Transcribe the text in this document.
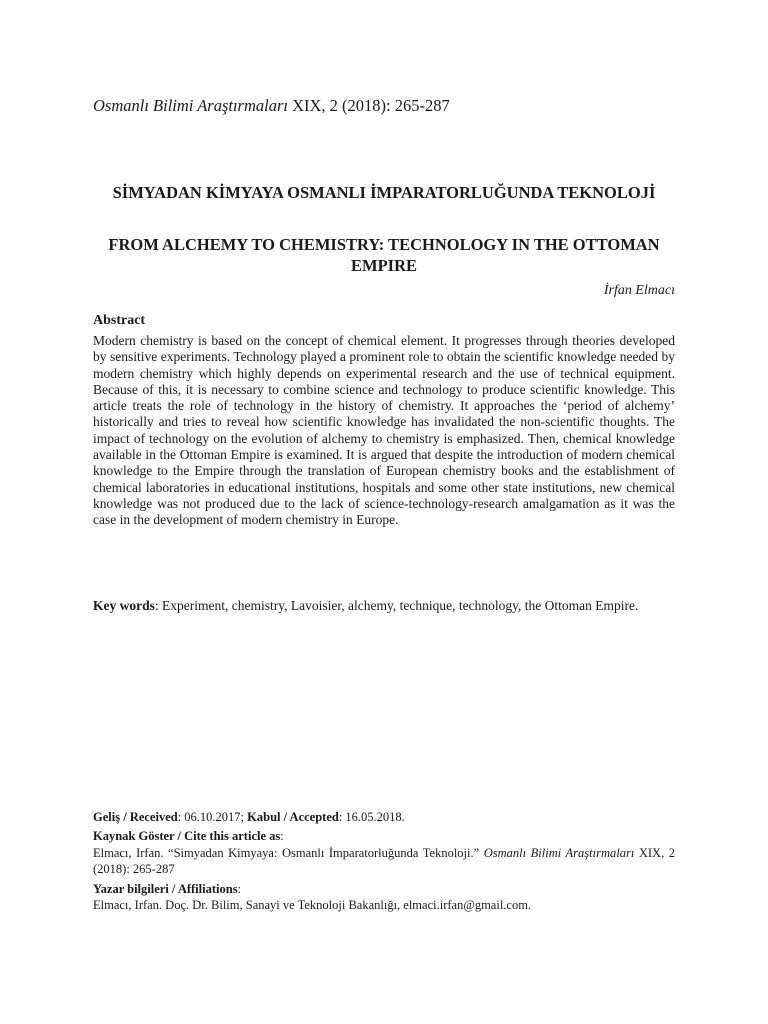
Osmanlı Bilimi Araştırmaları XIX, 2 (2018): 265-287
SİMYADAN KİMYAYA OSMANLI İMPARATORLUĞUNDA TEKNOLOJİ
FROM ALCHEMY TO CHEMISTRY: TECHNOLOGY IN THE OTTOMAN EMPIRE
İrfan Elmacı
Abstract

Modern chemistry is based on the concept of chemical element. It progresses through theories developed by sensitive experiments. Technology played a prominent role to obtain the scientific knowledge needed by modern chemistry which highly depends on experimental research and the use of technical equipment. Because of this, it is necessary to combine science and technology to produce scientific knowledge. This article treats the role of technology in the history of chemistry. It approaches the ‘period of alchemy’ historically and tries to reveal how scientific knowledge has invalidated the non-scientific thoughts. The impact of technology on the evolution of alchemy to chemistry is emphasized. Then, chemical knowledge available in the Ottoman Empire is examined. It is argued that despite the introduction of modern chemical knowledge to the Empire through the translation of European chemistry books and the establishment of chemical laboratories in educational institutions, hospitals and some other state institutions, new chemical knowledge was not produced due to the lack of science-technology-research amalgamation as it was the case in the development of modern chemistry in Europe.

Key words: Experiment, chemistry, Lavoisier, alchemy, technique, technology, the Ottoman Empire.

Geliş / Received: 06.10.2017; Kabul / Accepted: 16.05.2018.

Kaynak Göster / Cite this article as:

Elmacı, Irfan. “Simyadan Kimyaya: Osmanlı İmparatorluğunda Teknoloji.” Osmanlı Bilimi Araştırmaları XIX, 2 (2018): 265-287

Yazar bilgileri / Affiliations:

Elmacı, Irfan. Doç. Dr. Bilim, Sanayi ve Teknoloji Bakanlığı, elmaci.irfan@gmail.com.
